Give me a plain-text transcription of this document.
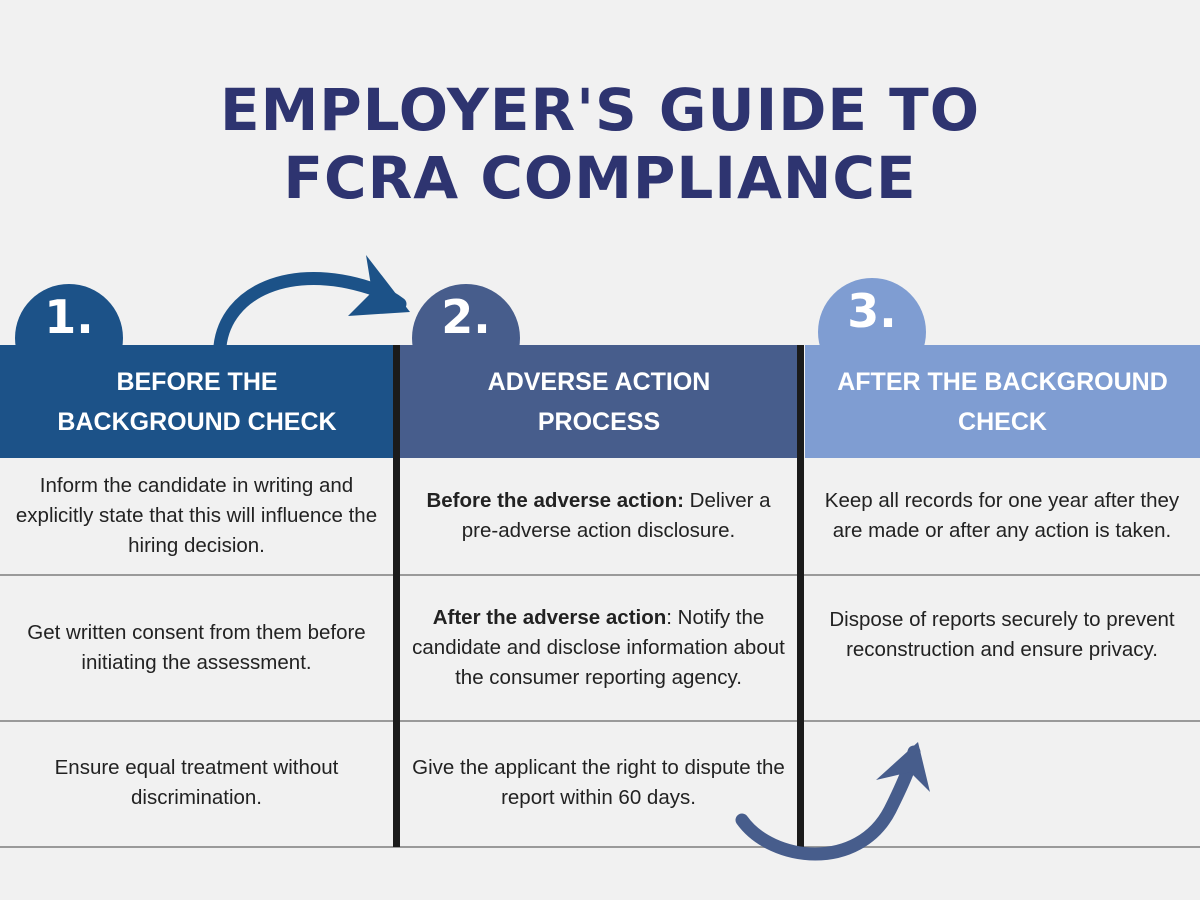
EMPLOYER'S GUIDE TO
FCRA COMPLIANCE
1.	2.	3.
BEFORE THE
BACKGROUND CHECK
ADVERSE ACTION
PROCESS
AFTER THE BACKGROUND
CHECK
Inform the candidate in writing and explicitly state that this will influence the hiring decision.
Before the adverse action: Deliver a pre-adverse action disclosure.
Keep all records for one year after they are made or after any action is taken.
Get written consent from them before initiating the assessment.
After the adverse action: Notify the candidate and disclose information about the consumer reporting agency.
Dispose of reports securely to prevent reconstruction and ensure privacy.
Ensure equal treatment without discrimination.
Give the applicant the right to dispute the report within 60 days.
